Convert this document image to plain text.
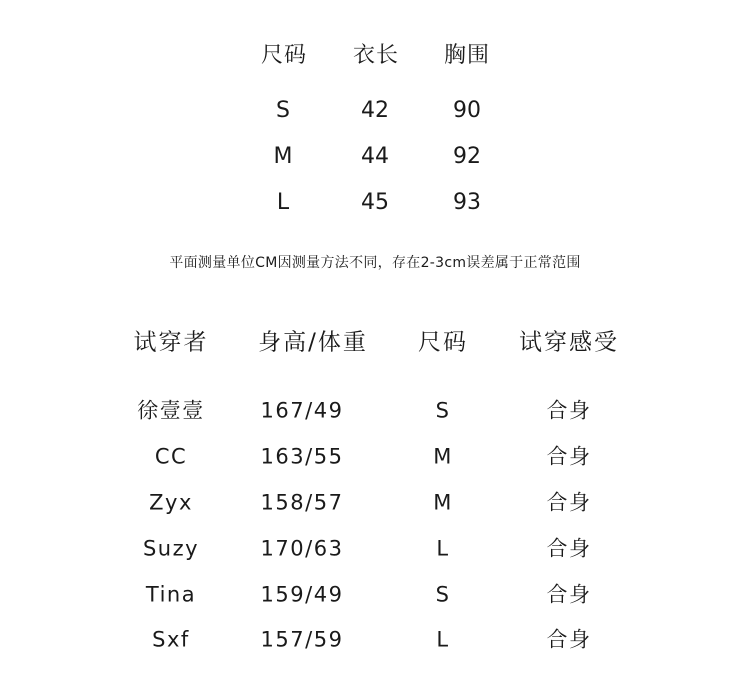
尺码 衣长 胸围
S	42	90
M	44	92
L	45	93
平面测量单位CM因测量方法不同，存在2-3cm误差属于正常范围
试穿者 身高/体重 尺码 试穿感受
徐壹壹	167/49	S	合身
CC	163/55	M	合身
Zyx	158/57	M	合身
Suzy	170/63	L	合身
Tina	159/49	S	合身
Sxf	157/59	L	合身
